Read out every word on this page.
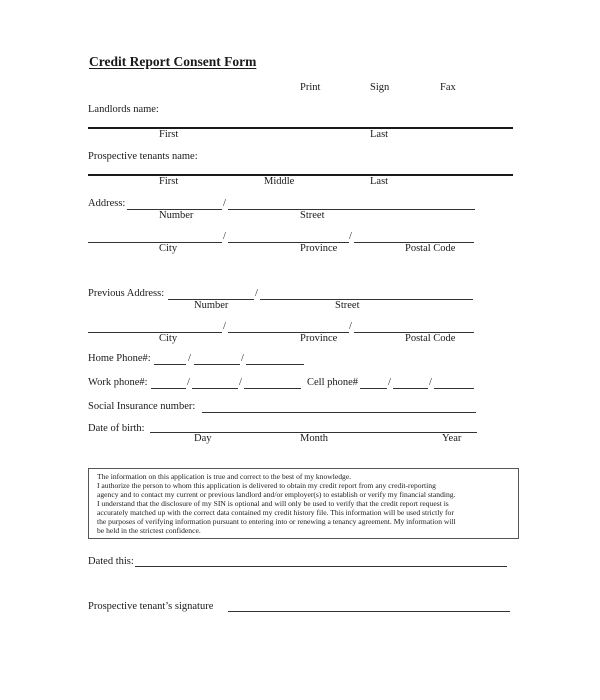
Credit Report Consent Form
Print	Sign	Fax
Landlords name:
First	Last
Prospective tenants name:
First	Middle	Last
Address:	/
Number	Street
/	/
City	Province	Postal Code
Previous Address:	/
Number	Street
/	/
City	Province	Postal Code
Home Phone#:	/	/
Work phone#:	/	/	Cell phone#	/	/
Social Insurance number:
Date of birth:
Day	Month	Year

The information on this application is true and correct to the best of my knowledge.

I authorize the person to whom this application is delivered to obtain my credit report from any credit-reporting

agency and to contact my current or previous landlord and/or employer(s) to establish or verify my financial standing.

I understand that the disclosure of my SIN is optional and will only be used to verify that the credit report request is

accurately matched up with the correct data contained my credit history file. This information will be used strictly for

the purposes of verifying information pursuant to entering into or renewing a tenancy agreement. My information will

be held in the strictest confidence.

Dated this:
Prospective tenant’s signature
